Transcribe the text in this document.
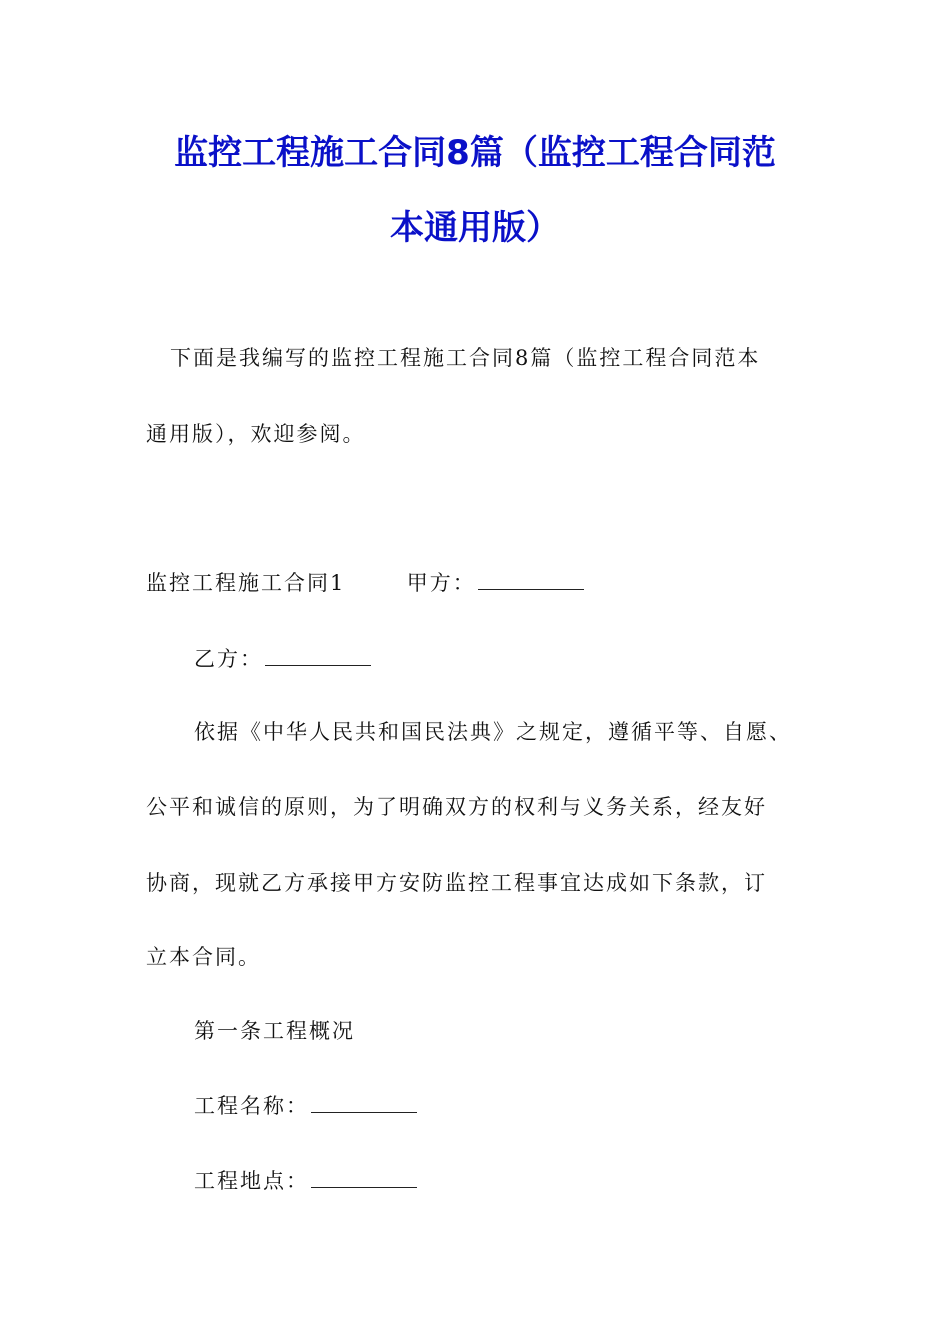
监控工程施工合同8篇（监控工程合同范
本通用版）
下面是我编写的监控工程施工合同8篇（监控工程合同范本
通用版），欢迎参阅。
监控工程施工合同1	甲方：
乙方：
依据《中华人民共和国民法典》之规定，遵循平等、自愿、
公平和诚信的原则，为了明确双方的权利与义务关系，经友好
协商，现就乙方承接甲方安防监控工程事宜达成如下条款，订
立本合同。
第一条工程概况
工程名称：
工程地点：
